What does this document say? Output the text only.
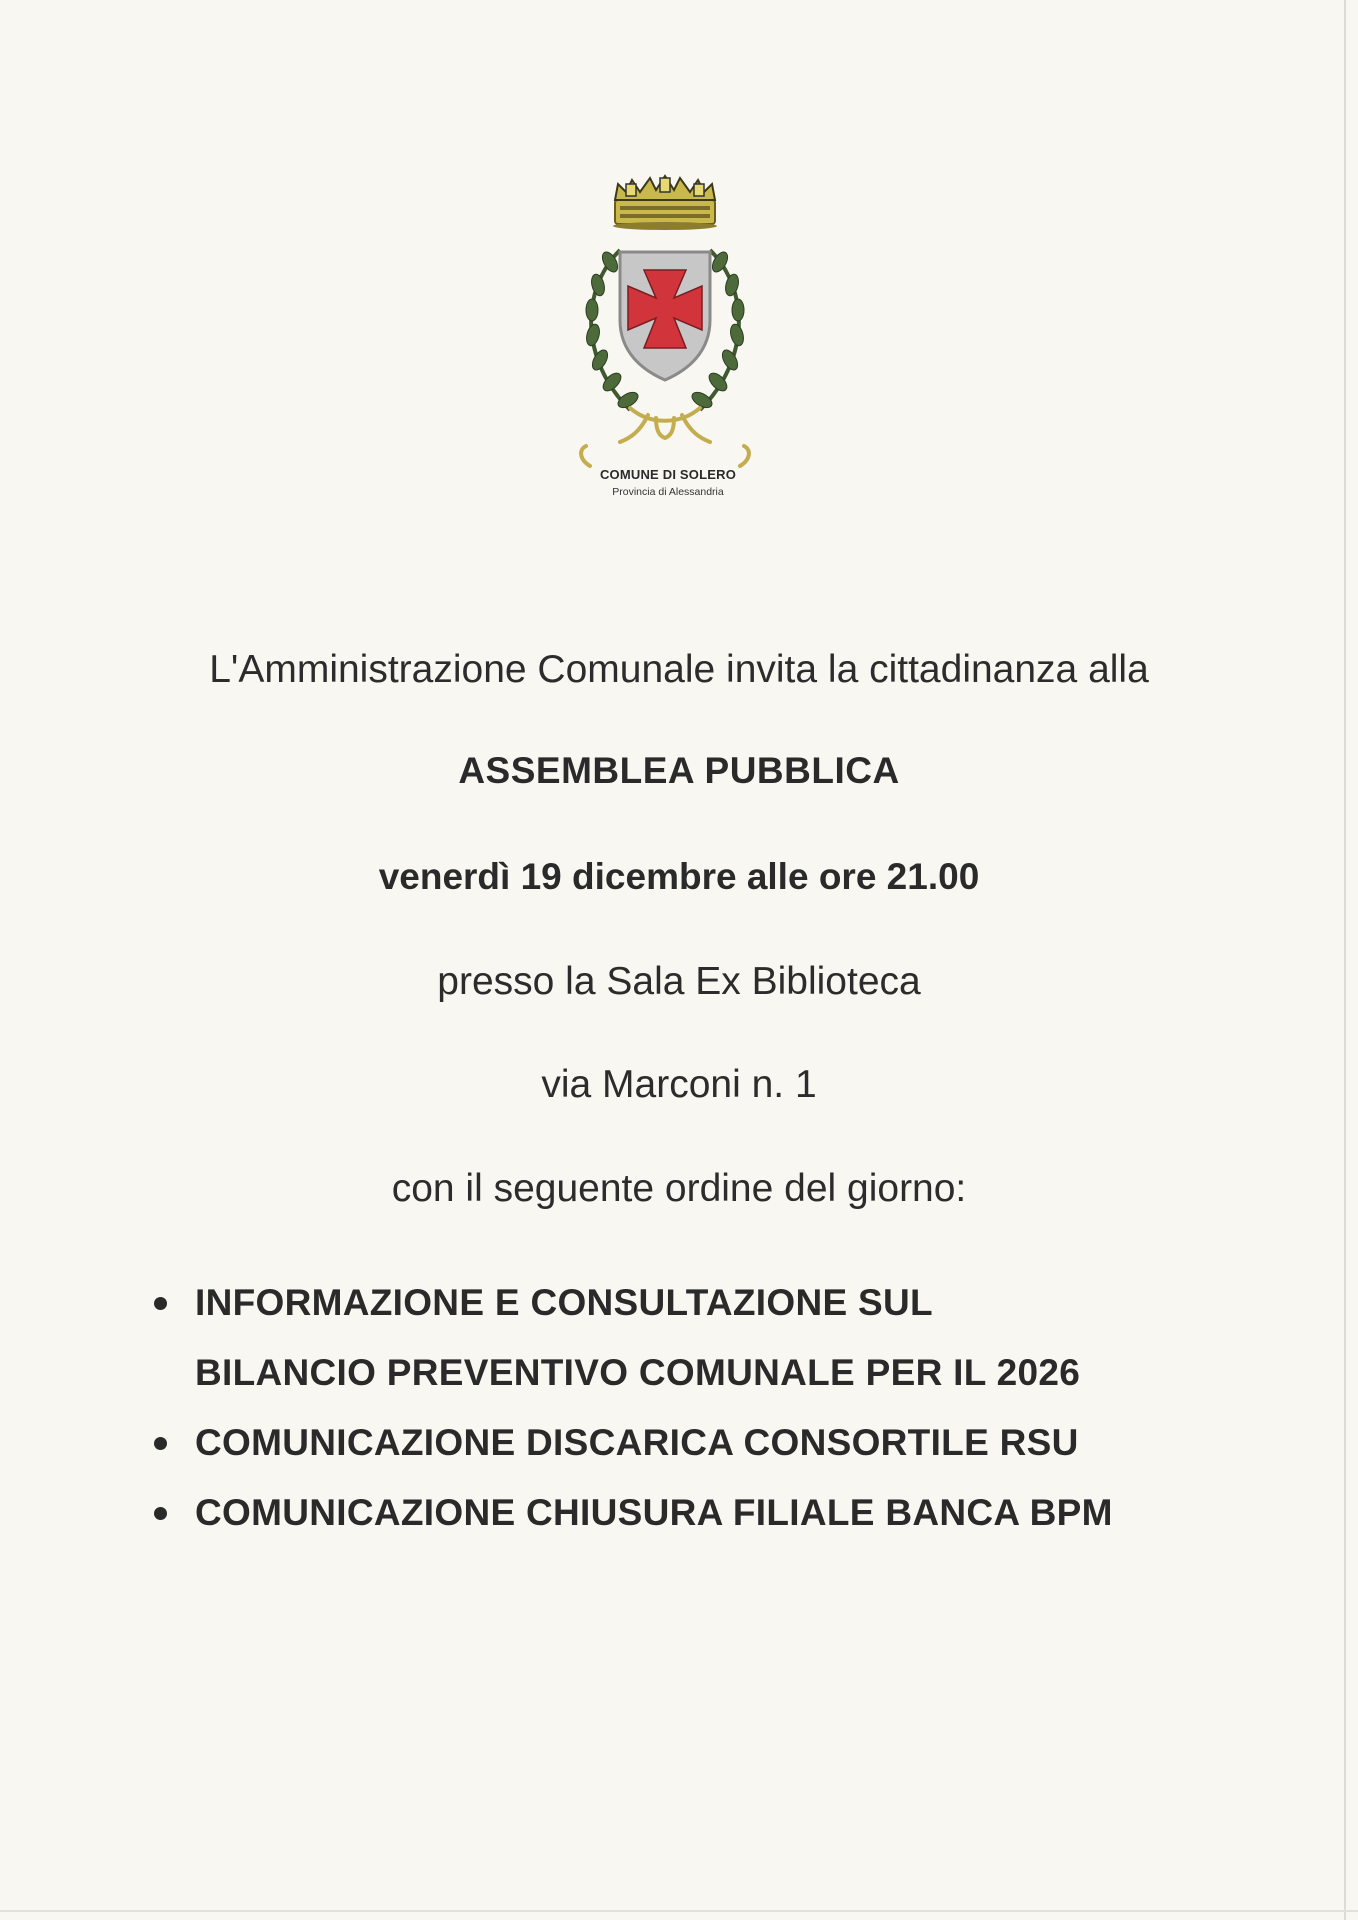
COMUNE DI SOLERO
Provincia di Alessandria
L'Amministrazione Comunale invita la cittadinanza alla
ASSEMBLEA PUBBLICA
venerdì 19 dicembre alle ore 21.00
presso la Sala Ex Biblioteca
via Marconi n. 1
con il seguente ordine del giorno:
INFORMAZIONE E CONSULTAZIONE SUL
BILANCIO PREVENTIVO COMUNALE PER IL 2026
COMUNICAZIONE DISCARICA CONSORTILE RSU
COMUNICAZIONE CHIUSURA FILIALE BANCA BPM
